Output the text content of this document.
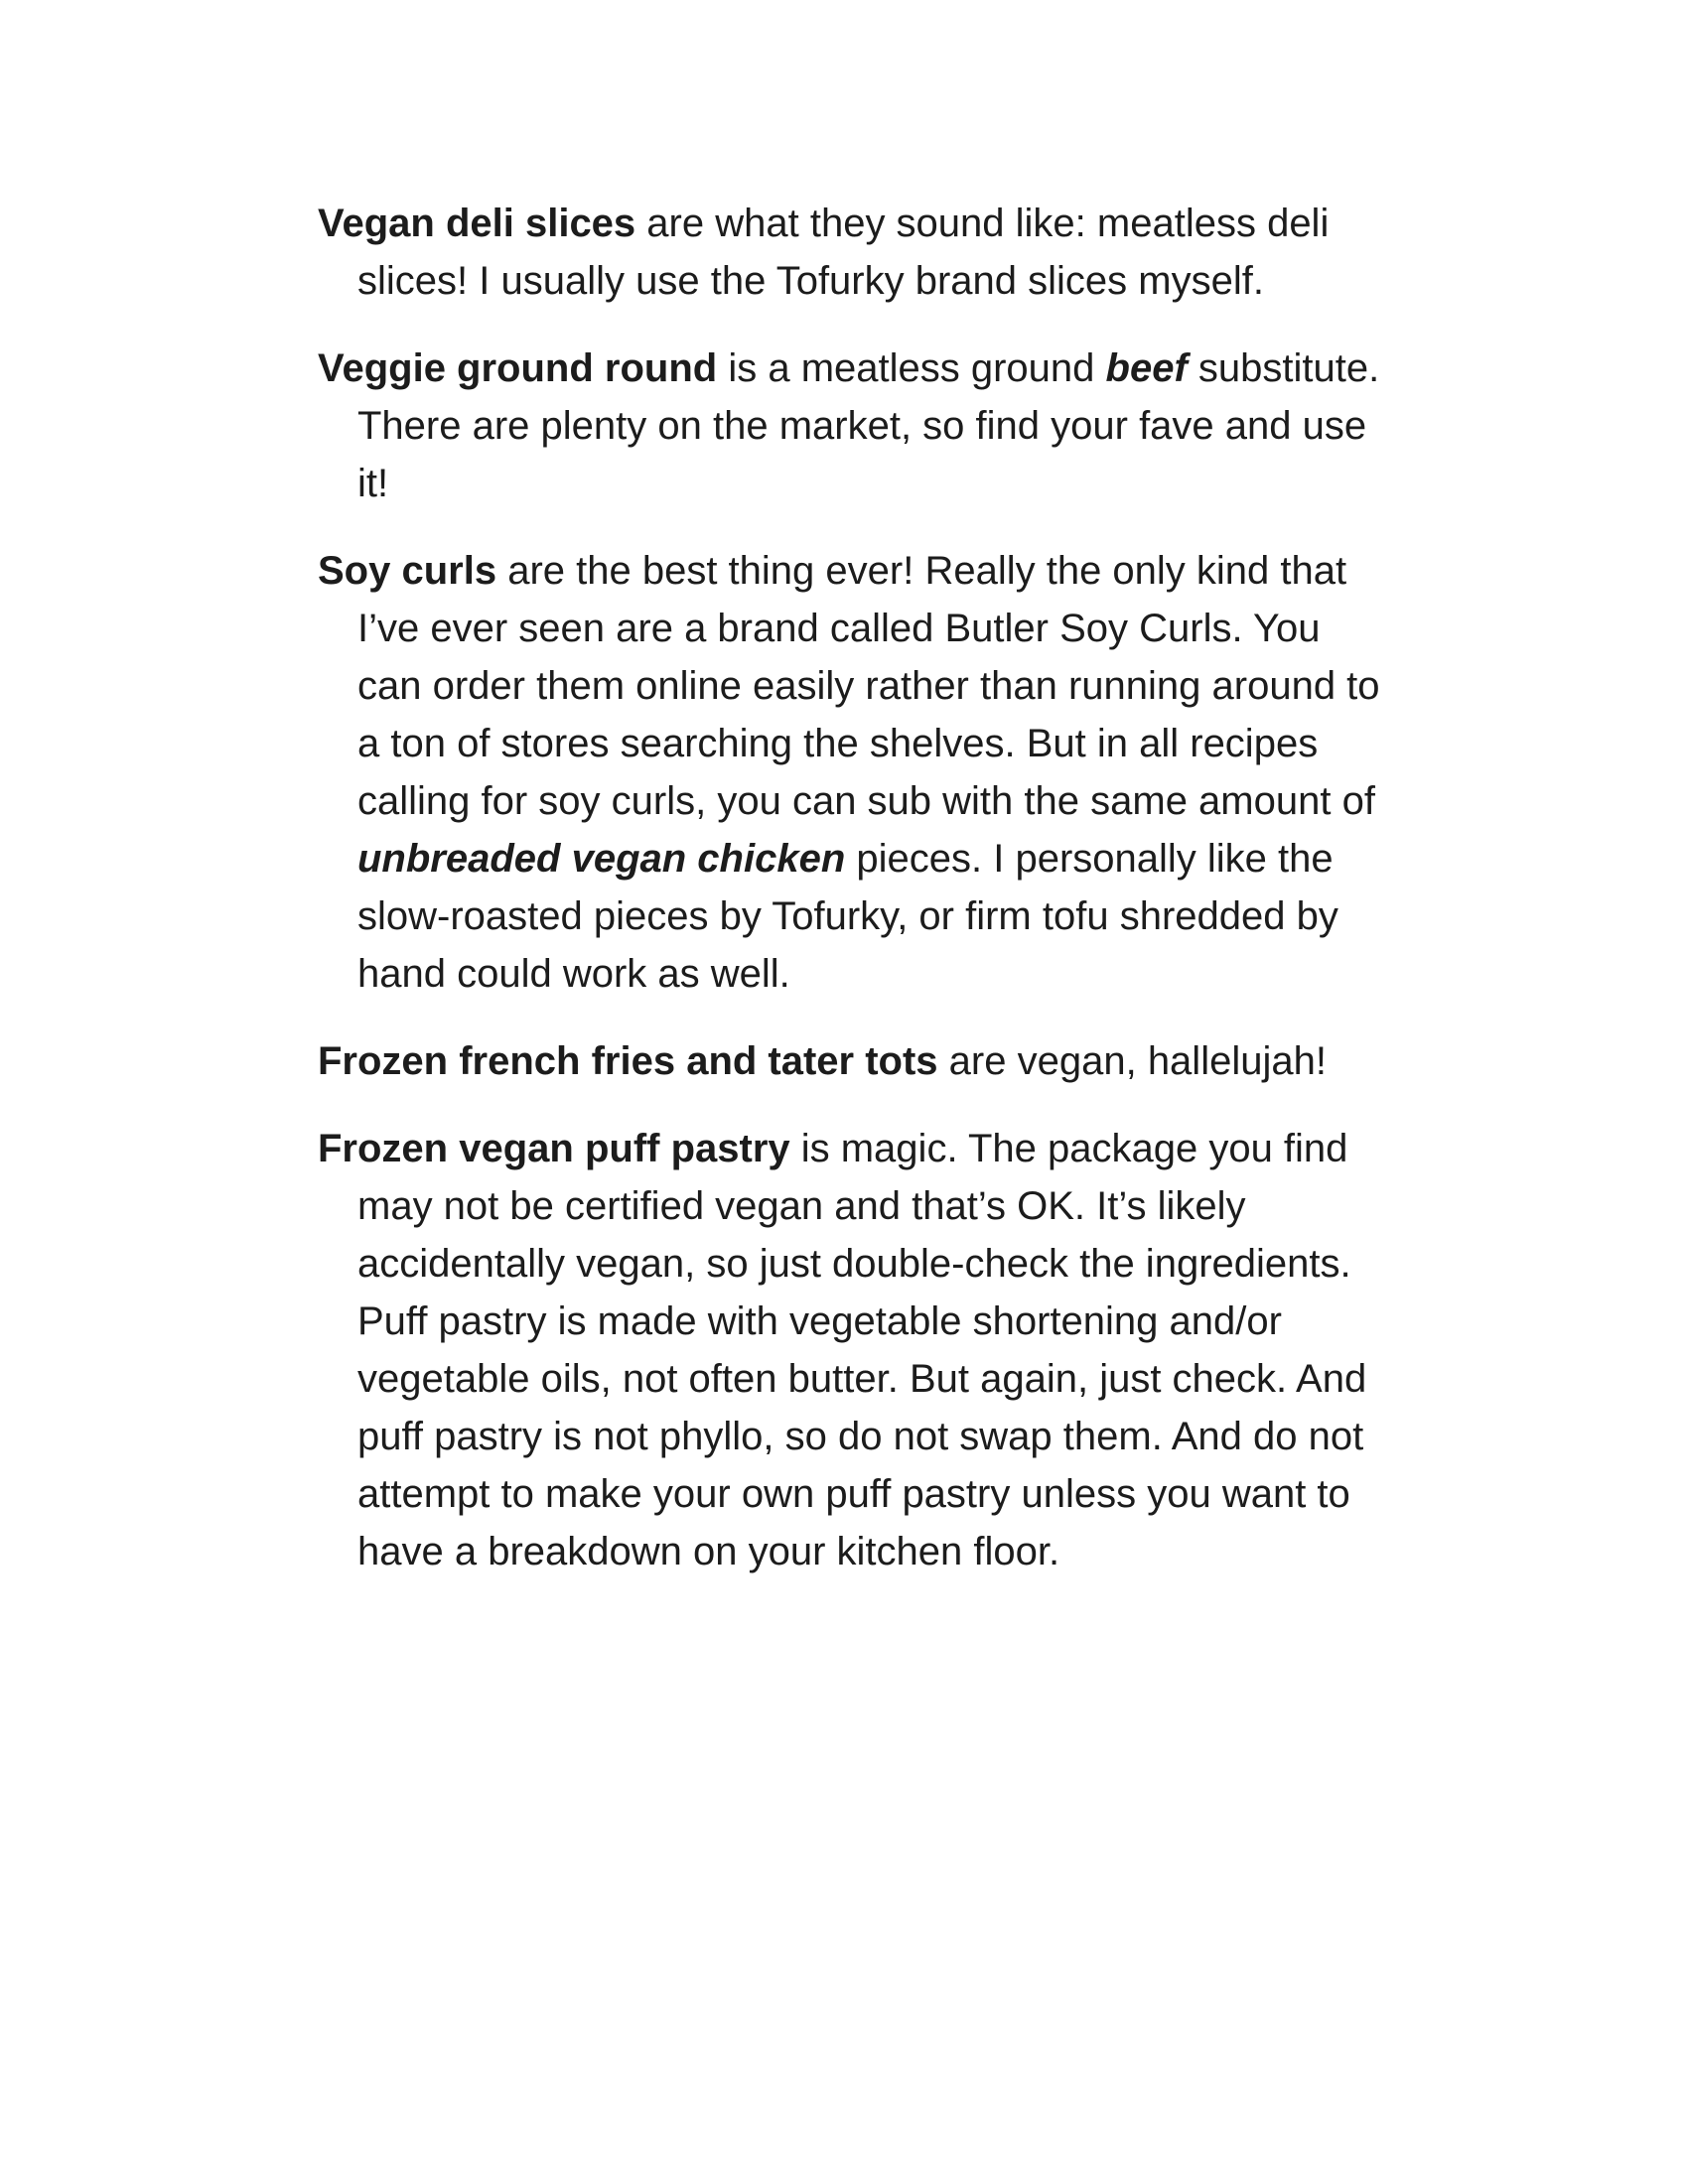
Vegan deli slices are what they sound like: meatless deli slices! I usually use the Tofurky brand slices myself.

Veggie ground round is a meatless ground beef substitute. There are plenty on the market, so find your fave and use it!

Soy curls are the best thing ever! Really the only kind that I’ve ever seen are a brand called Butler Soy Curls. You can order them online easily rather than running around to a ton of stores searching the shelves. But in all recipes calling for soy curls, you can sub with the same amount of unbreaded vegan chicken pieces. I personally like the slow-roasted pieces by Tofurky, or firm tofu shredded by hand could work as well.

Frozen french fries and tater tots are vegan, hallelujah!

Frozen vegan puff pastry is magic. The package you find may not be certified vegan and that’s OK. It’s likely accidentally vegan, so just double-check the ingredients. Puff pastry is made with vegetable shortening and/or vegetable oils, not often butter. But again, just check. And puff pastry is not phyllo, so do not swap them. And do not attempt to make your own puff pastry unless you want to have a breakdown on your kitchen floor.
